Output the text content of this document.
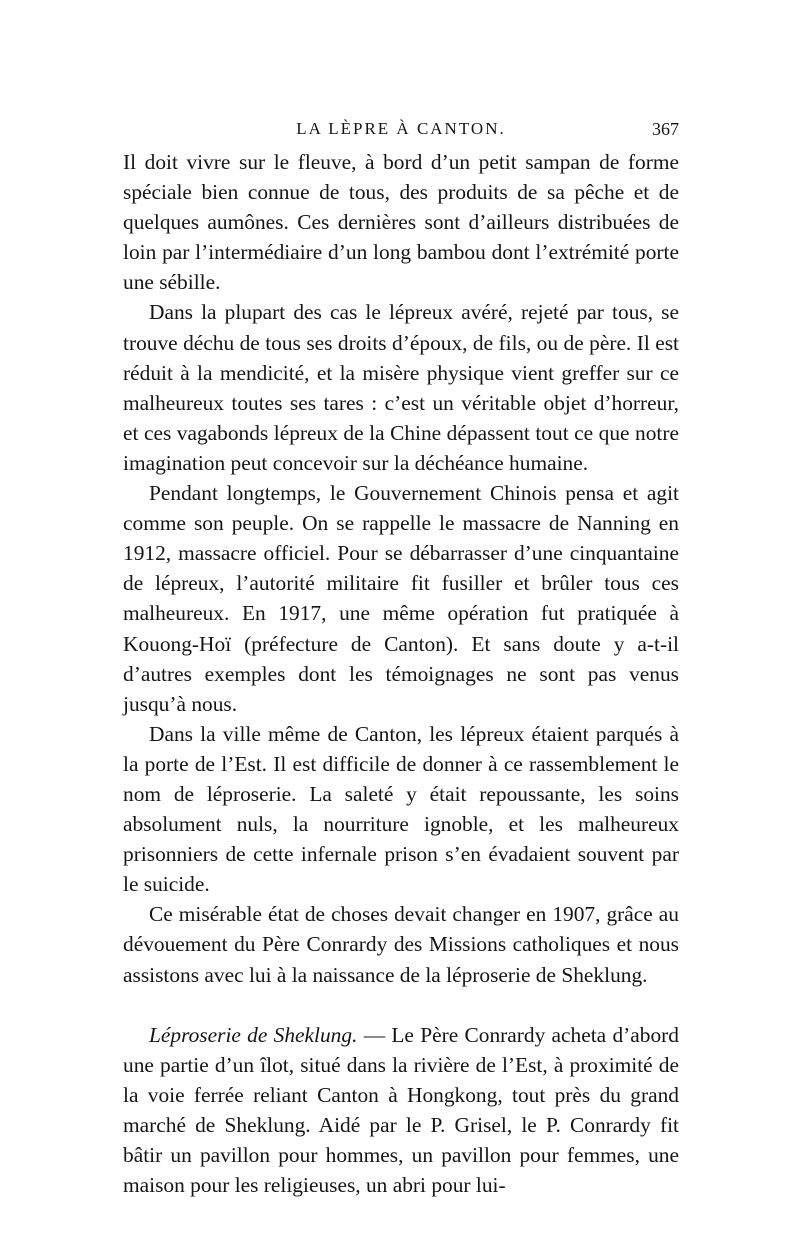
LA LÈPRE À CANTON.	367

Il doit vivre sur le fleuve, à bord d’un petit sampan de forme spéciale bien connue de tous, des produits de sa pêche et de quelques aumônes. Ces dernières sont d’ailleurs distribuées de loin par l’intermédiaire d’un long bambou dont l’extrémité porte une sébille.

Dans la plupart des cas le lépreux avéré, rejeté par tous, se trouve déchu de tous ses droits d’époux, de fils, ou de père. Il est réduit à la mendicité, et la misère physique vient greffer sur ce malheureux toutes ses tares : c’est un véritable objet d’horreur, et ces vagabonds lépreux de la Chine dépassent tout ce que notre imagination peut concevoir sur la déchéance humaine.

Pendant longtemps, le Gouvernement Chinois pensa et agit comme son peuple. On se rappelle le massacre de Nanning en 1912, massacre officiel. Pour se débarrasser d’une cinquantaine de lépreux, l’autorité militaire fit fusiller et brûler tous ces malheureux. En 1917, une même opération fut pratiquée à Kouong-Hoï (préfecture de Canton). Et sans doute y a-t-il d’autres exemples dont les témoignages ne sont pas venus jusqu’à nous.

Dans la ville même de Canton, les lépreux étaient parqués à la porte de l’Est. Il est difficile de donner à ce rassemblement le nom de léproserie. La saleté y était repoussante, les soins absolument nuls, la nourriture ignoble, et les malheureux prisonniers de cette infernale prison s’en évadaient souvent par le suicide.

Ce misérable état de choses devait changer en 1907, grâce au dévouement du Père Conrardy des Missions catholiques et nous assistons avec lui à la naissance de la léproserie de Sheklung.

Léproserie de Sheklung. — Le Père Conrardy acheta d’abord une partie d’un îlot, situé dans la rivière de l’Est, à proximité de la voie ferrée reliant Canton à Hongkong, tout près du grand marché de Sheklung. Aidé par le P. Grisel, le P. Conrardy fit bâtir un pavillon pour hommes, un pavillon pour femmes, une maison pour les religieuses, un abri pour lui-
